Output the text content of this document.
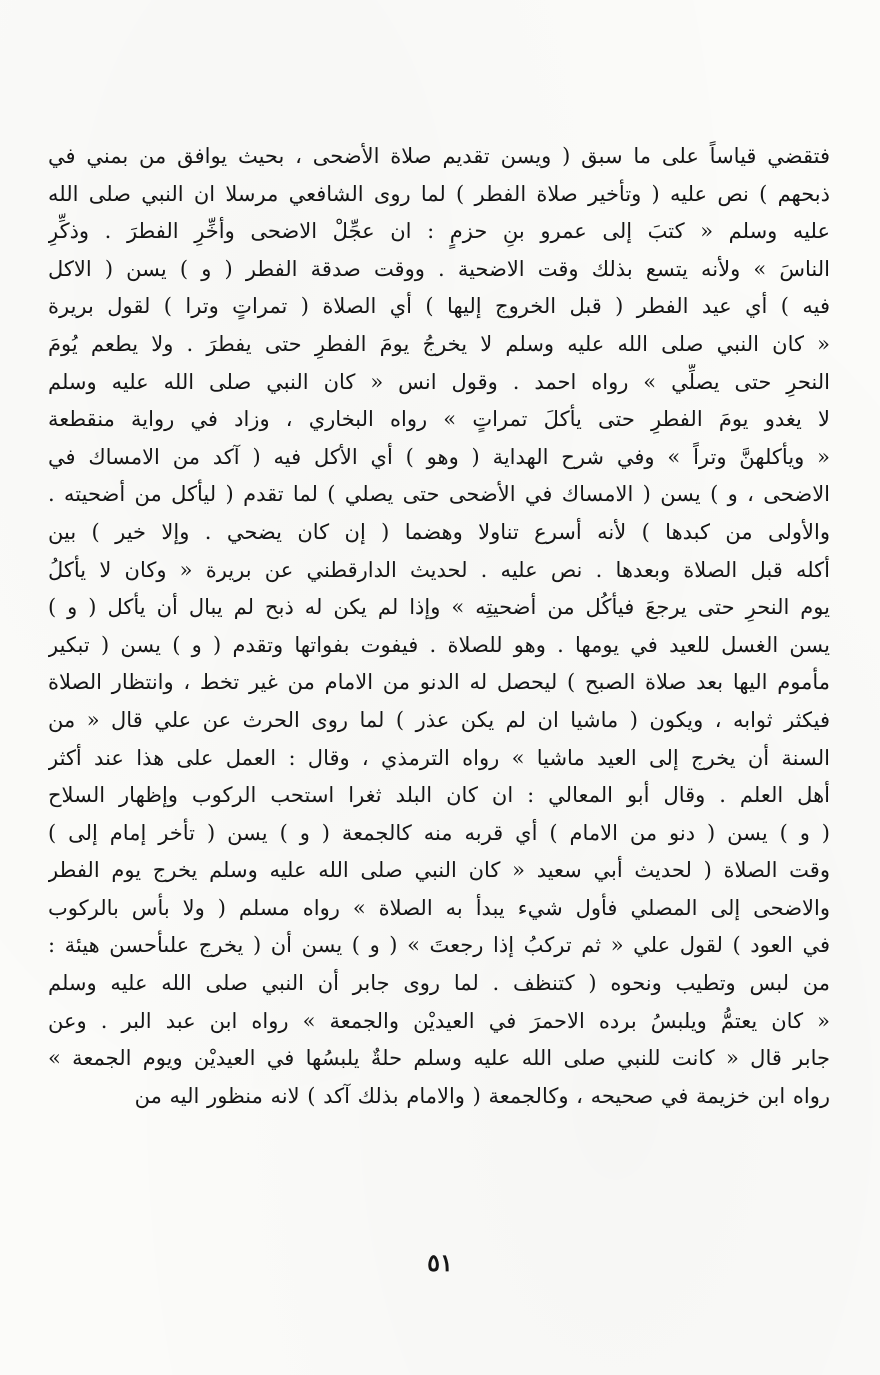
فتقضي قياساً على ما سبق ( ويسن تقديم صلاة الأضحى ، بحيث يوافق من بمني في
ذبحهم ) نص عليه ( وتأخير صلاة الفطر ) لما روى الشافعي مرسلا ان النبي صلى الله
عليه وسلم « كتبَ إلى عمرو بنِ حزمٍ : ان عجِّلْ الاضحى وأخِّرِ الفطرَ . وذكِّرِ
الناسَ » ولأنه يتسع بذلك وقت الاضحية . ووقت صدقة الفطر ( و ) يسن ( الاكل
فيه ) أي عيد الفطر ( قبل الخروج إليها ) أي الصلاة ( تمراتٍ وترا ) لقول بريرة
« كان النبي صلى الله عليه وسلم لا يخرجُ يومَ الفطرِ حتى يفطرَ . ولا يطعم يُومَ
النحرِ حتى يصلِّي » رواه احمد . وقول انس « كان النبي صلى الله عليه وسلم
لا يغدو يومَ الفطرِ حتى يأكلَ تمراتٍ » رواه البخاري ، وزاد في رواية منقطعة
« ويأكلهنَّ وتراً » وفي شرح الهداية ( وهو ) أي الأكل فيه ( آكد من الامساك في
الاضحى ، و ) يسن ( الامساك في الأضحى حتى يصلي ) لما تقدم ( ليأكل من أضحيته .
والأولى من كبدها ) لأنه أسرع تناولا وهضما ( إن كان يضحي . وإلا خير ) بين
أكله قبل الصلاة وبعدها . نص عليه . لحديث الدارقطني عن بريرة « وكان لا يأكلُ
يوم النحرِ حتى يرجعَ فيأكُل من أضحيتِه » وإذا لم يكن له ذبح لم يبال أن يأكل ( و )
يسن الغسل للعيد في يومها . وهو للصلاة . فيفوت بفواتها وتقدم ( و ) يسن ( تبكير
مأموم اليها بعد صلاة الصبح ) ليحصل له الدنو من الامام من غير تخط ، وانتظار الصلاة
فيكثر ثوابه ، ويكون ( ماشيا ان لم يكن عذر ) لما روى الحرث عن علي قال « من
السنة أن يخرج إلى العيد ماشيا » رواه الترمذي ، وقال : العمل على هذا عند أكثر
أهل العلم . وقال أبو المعالي : ان كان البلد ثغرا استحب الركوب وإظهار السلاح
( و ) يسن ( دنو من الامام ) أي قربه منه كالجمعة ( و ) يسن ( تأخر إمام إلى )
وقت الصلاة ( لحديث أبي سعيد « كان النبي صلى الله عليه وسلم يخرج يوم الفطر
والاضحى إلى المصلي فأول شيء يبدأ به الصلاة » رواه مسلم ( ولا بأس بالركوب
في العود ) لقول علي « ثم تركبُ إذا رجعتَ » ( و ) يسن أن ( يخرج علىأحسن هيئة :
من لبس وتطيب ونحوه ( كتنظف . لما روى جابر أن النبي صلى الله عليه وسلم
« كان يعتمُّ ويلبسُ برده الاحمرَ في العيديْن والجمعة » رواه ابن عبد البر . وعن
جابر قال « كانت للنبي صلى الله عليه وسلم حلةٌ يلبسُها في العيديْن ويوم الجمعة »
رواه ابن خزيمة في صحيحه ، وكالجمعة ( والامام بذلك آكد ) لانه منظور اليه من
٥١
